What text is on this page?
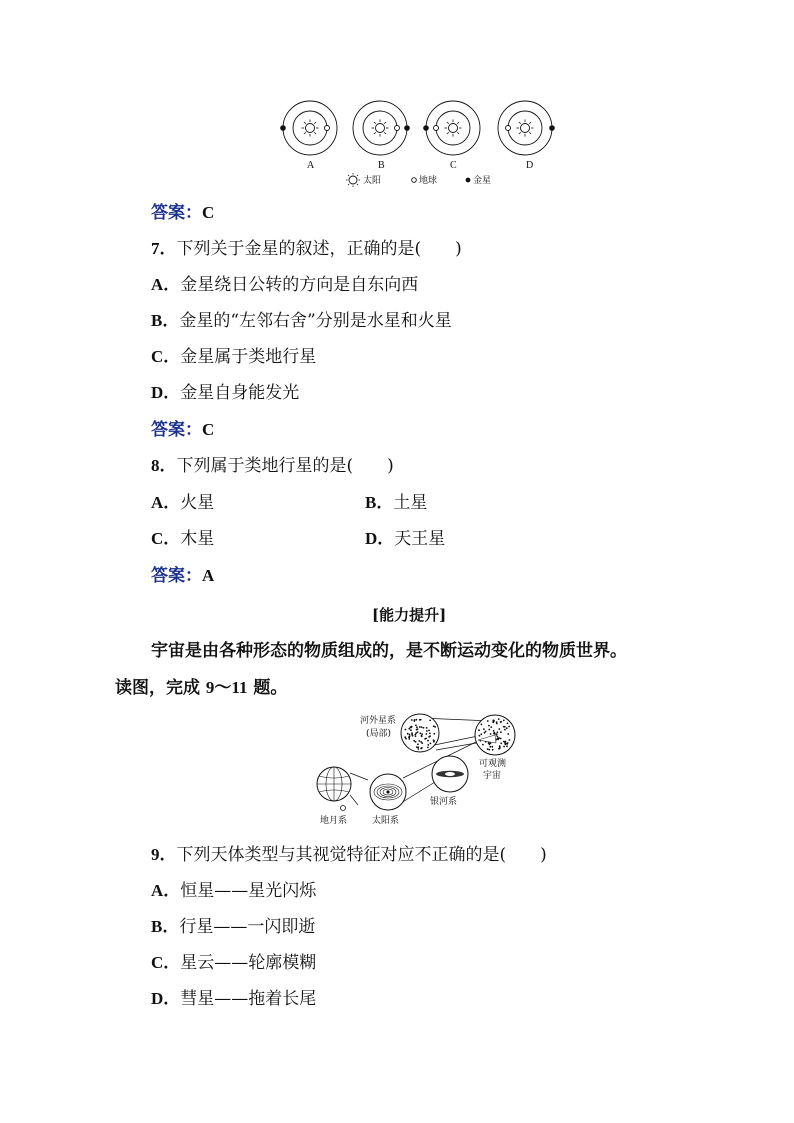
A	B	C	D
太阳	地球	金星
答案：C
7．下列关于金星的叙述，正确的是(　　)
A．金星绕日公转的方向是自东向西
B．金星的“左邻右舍”分别是水星和火星
C．金星属于类地行星
D．金星自身能发光
答案：C
8．下列属于类地行星的是(　　)
A．火星	B．土星
C．木星	D．天王星
答案：A
[能力提升]
宇宙是由各种形态的物质组成的，是不断运动变化的物质世界。
读图，完成 9～11 题。
河外星系
(局部)
可观测
宇宙
银河系
地月系	太阳系
9．下列天体类型与其视觉特征对应不正确的是(　　)
A．恒星——星光闪烁
B．行星——一闪即逝
C．星云——轮廓模糊
D．彗星——拖着长尾
